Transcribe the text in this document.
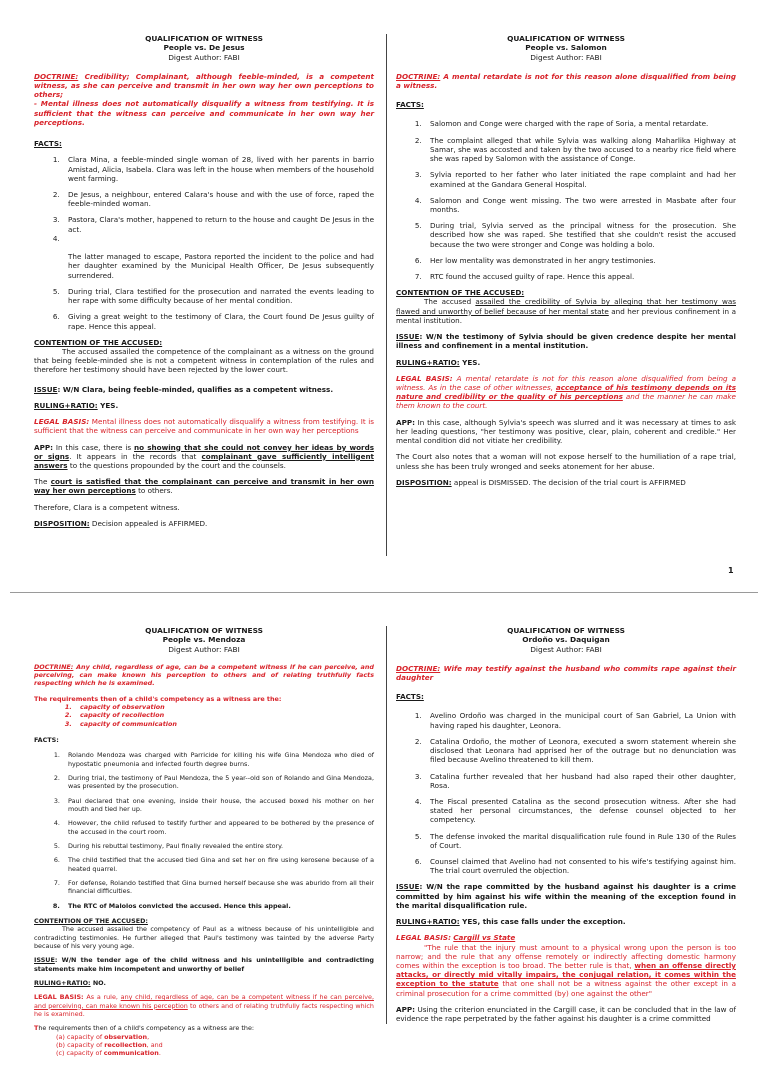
QUALIFICATION OF WITNESS
People vs. De Jesus
Digest Author: FABI

DOCTRINE: Credibility; Complainant, although feeble-minded, is a competent witness, as she can perceive and transmit in her own way her own perceptions to others;

- Mental illness does not automatically disqualify a witness from testifying. It is sufficient that the witness can perceive and communicate in her own way her perceptions.

FACTS:

1. Clara Mina, a feeble-minded single woman of 28, lived with her parents in barrio Amistad, Alicia, Isabela. Clara was left in the house when members of the household went farming.
2. De Jesus, a neighbour, entered Calara's house and with the use of force, raped the feeble-minded woman.
3. Pastora, Clara's mother, happened to return to the house and caught De Jesus in the act.

4. The latter managed to escape, Pastora reported the incident to the police and had her daughter examined by the Municipal Health Officer, De Jesus subsequently surrendered.
5. During trial, Clara testified for the prosecution and narrated the events leading to her rape with some difficulty because of her mental condition.
6. Giving a great weight to the testimony of Clara, the Court found De Jesus guilty of rape. Hence this appeal.

CONTENTION OF THE ACCUSED:

The accused assailed the competence of the complainant as a witness on the ground that being feeble-minded she is not a competent witness in contemplation of the rules and therefore her testimony should have been rejected by the lower court.

ISSUE: W/N Clara, being feeble-minded, qualifies as a competent witness.

RULING+RATIO: YES.

LEGAL BASIS: Mental illness does not automatically disqualify a witness from testifying. It is sufficient that the witness can perceive and communicate in her own way her perceptions

APP: In this case, there is no showing that she could not convey her ideas by words or signs. It appears in the records that complainant gave sufficiently intelligent answers to the questions propounded by the court and the counsels.

The court is satisfied that the complainant can perceive and transmit in her own way her own perceptions to others.

Therefore, Clara is a competent witness.

DISPOSITION: Decision appealed is AFFIRMED.

QUALIFICATION OF WITNESS
People vs. Salomon
Digest Author: FABI

DOCTRINE: A mental retardate is not for this reason alone disqualified from being a witness.

FACTS:

1. Salomon and Conge were charged with the rape of Soria, a mental retardate.
2. The complaint alleged that while Sylvia was walking along Maharlika Highway at Samar, she was accosted and taken by the two accused to a nearby rice field where she was raped by Salomon with the assistance of Conge.
3. Sylvia reported to her father who later initiated the rape complaint and had her examined at the Gandara General Hospital.
4. Salomon and Conge went missing. The two were arrested in Masbate after four months.
5. During trial, Sylvia served as the principal witness for the prosecution. She described how she was raped. She testified that she couldn't resist the accused because the two were stronger and Conge was holding a bolo.
6. Her low mentality was demonstrated in her angry testimonies.
7. RTC found the accused guilty of rape. Hence this appeal.

CONTENTION OF THE ACCUSED:
The accused assailed the credibility of Sylvia by alleging that her testimony was flawed and unworthy of belief because of her mental state and her previous confinement in a mental institution.

ISSUE: W/N the testimony of Sylvia should be given credence despite her mental illness and confinement in a mental institution.

RULING+RATIO: YES.

LEGAL BASIS: A mental retardate is not for this reason alone disqualified from being a witness. As in the case of other witnesses, acceptance of his testimony depends on its nature and credibility or the quality of his perceptions and the manner he can make them known to the court.

APP: In this case, although Sylvia's speech was slurred and it was necessary at times to ask her leading questions, "her testimony was positive, clear, plain, coherent and credible." Her mental condition did not vitiate her credibility.

The Court also notes that a woman will not expose herself to the humiliation of a rape trial, unless she has been truly wronged and seeks atonement for her abuse.

DISPOSITION: appeal is DISMISSED. The decision of the trial court is AFFIRMED

1
QUALIFICATION OF WITNESS
People vs. Mendoza
Digest Author: FABI

DOCTRINE: Any child, regardless of age, can be a competent witness if he can perceive, and perceiving, can make known his perception to others and of relating truthfully facts respecting which he is examined.

The requirements then of a child's competency as a witness are the:

1. capacity of observation
2. capacity of recollection
3. capacity of communication

FACTS:

1. Rolando Mendoza was charged with Parricide for killing his wife Gina Mendoza who died of hypostatic pneumonia and infected fourth degree burns.
2. During trial, the testimony of Paul Mendoza, the 5 year--old son of Rolando and Gina Mendoza, was presented by the prosecution.
3. Paul declared that one evening, inside their house, the accused boxed his mother on her mouth and tied her up.
4. However, the child refused to testify further and appeared to be bothered by the presence of the accused in the court room.
5. During his rebuttal testimony, Paul finally revealed the entire story.
6. The child testified that the accused tied Gina and set her on fire using kerosene because of a heated quarrel.
7. For defense, Rolando testified that Gina burned herself because she was aburido from all their financial difficulties.
8. The RTC of Malolos convicted the accused. Hence this appeal.

CONTENTION OF THE ACCUSED:
The accused assailed the competency of Paul as a witness because of his unintelligible and contradicting testimonies. He further alleged that Paul's testimony was tainted by the adverse Party because of his very young age.

ISSUE: W/N the tender age of the child witness and his unintelligible and contradicting statements make him incompetent and unworthy of belief

RULING+RATIO: NO.

LEGAL BASIS: As a rule, any child, regardless of age, can be a competent witness if he can perceive, and perceiving, can make known his perception to others and of relating truthfully facts respecting which he is examined.

The requirements then of a child's competency as a witness are the:

(a) capacity of observation,
(b) capacity of recollection, and
(c) capacity of communication.
QUALIFICATION OF WITNESS
Ordoño vs. Daquigan
Digest Author: FABI

DOCTRINE: Wife may testify against the husband who commits rape against their daughter

FACTS:

1. Avelino Ordoño was charged in the municipal court of San Gabriel, La Union with having raped his daughter, Leonora.
2. Catalina Ordoño, the mother of Leonora, executed a sworn statement wherein she disclosed that Leonara had apprised her of the outrage but no denunciation was filed because Avelino threatened to kill them.
3. Catalina further revealed that her husband had also raped their other daughter, Rosa.
4. The Fiscal presented Catalina as the second prosecution witness. After she had stated her personal circumstances, the defense counsel objected to her competency.
5. The defense invoked the marital disqualification rule found in Rule 130 of the Rules of Court.
6. Counsel claimed that Avelino had not consented to his wife's testifying against him. The trial court overruled the objection.

ISSUE: W/N the rape committed by the husband against his daughter is a crime committed by him against his wife within the meaning of the exception found in the marital disqualification rule.

RULING+RATIO: YES, this case falls under the exception.

LEGAL BASIS: Cargill vs State
"The rule that the injury must amount to a physical wrong upon the person is too narrow; and the rule that any offense remotely or indirectly affecting domestic harmony comes within the exception is too broad. The better rule is that, when an offense directly attacks, or directly mid vitally impairs, the conjugal relation, it comes within the exception to the statute that one shall not be a witness against the other except in a criminal prosecution for a crime committed (by) one against the other"

APP: Using the criterion enunciated in the Cargill case, it can be concluded that in the law of evidence the rape perpetrated by the father against his daughter is a crime committed
